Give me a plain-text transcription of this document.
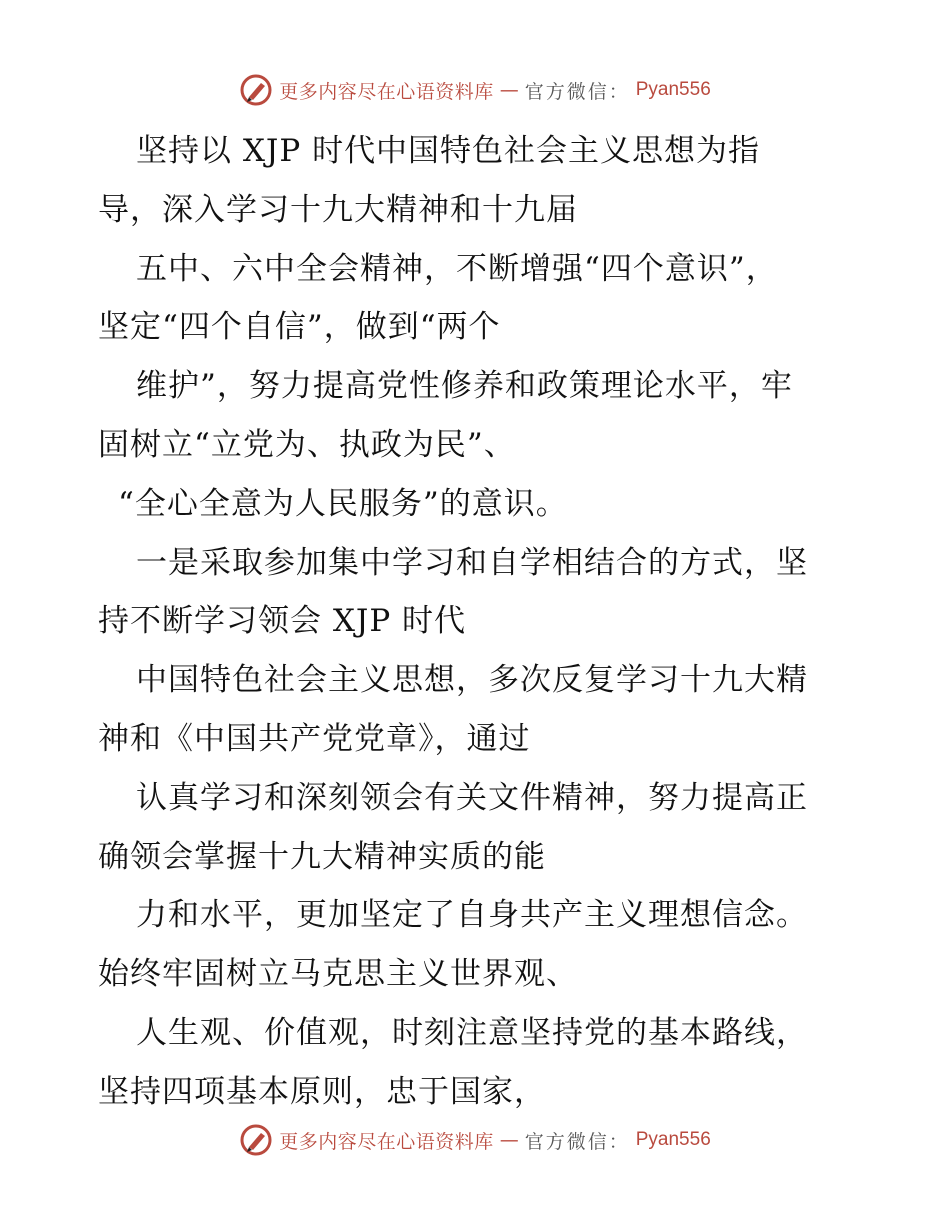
更多内容尽在心语资料库 — 官方微信： Pyan556
坚持以 XJP 时代中国特色社会主义思想为指
导，深入学习十九大精神和十九届
五中、六中全会精神，不断增强“四个意识”，
坚定“四个自信”，做到“两个
维护”，努力提高党性修养和政策理论水平，牢
固树立“立党为、执政为民”、
“全心全意为人民服务”的意识。
一是采取参加集中学习和自学相结合的方式，坚
持不断学习领会 XJP 时代
中国特色社会主义思想，多次反复学习十九大精
神和《中国共产党党章》，通过
认真学习和深刻领会有关文件精神，努力提高正
确领会掌握十九大精神实质的能
力和水平，更加坚定了自身共产主义理想信念。
始终牢固树立马克思主义世界观、
人生观、价值观，时刻注意坚持党的基本路线，
坚持四项基本原则，忠于国家，
更多内容尽在心语资料库 — 官方微信： Pyan556
